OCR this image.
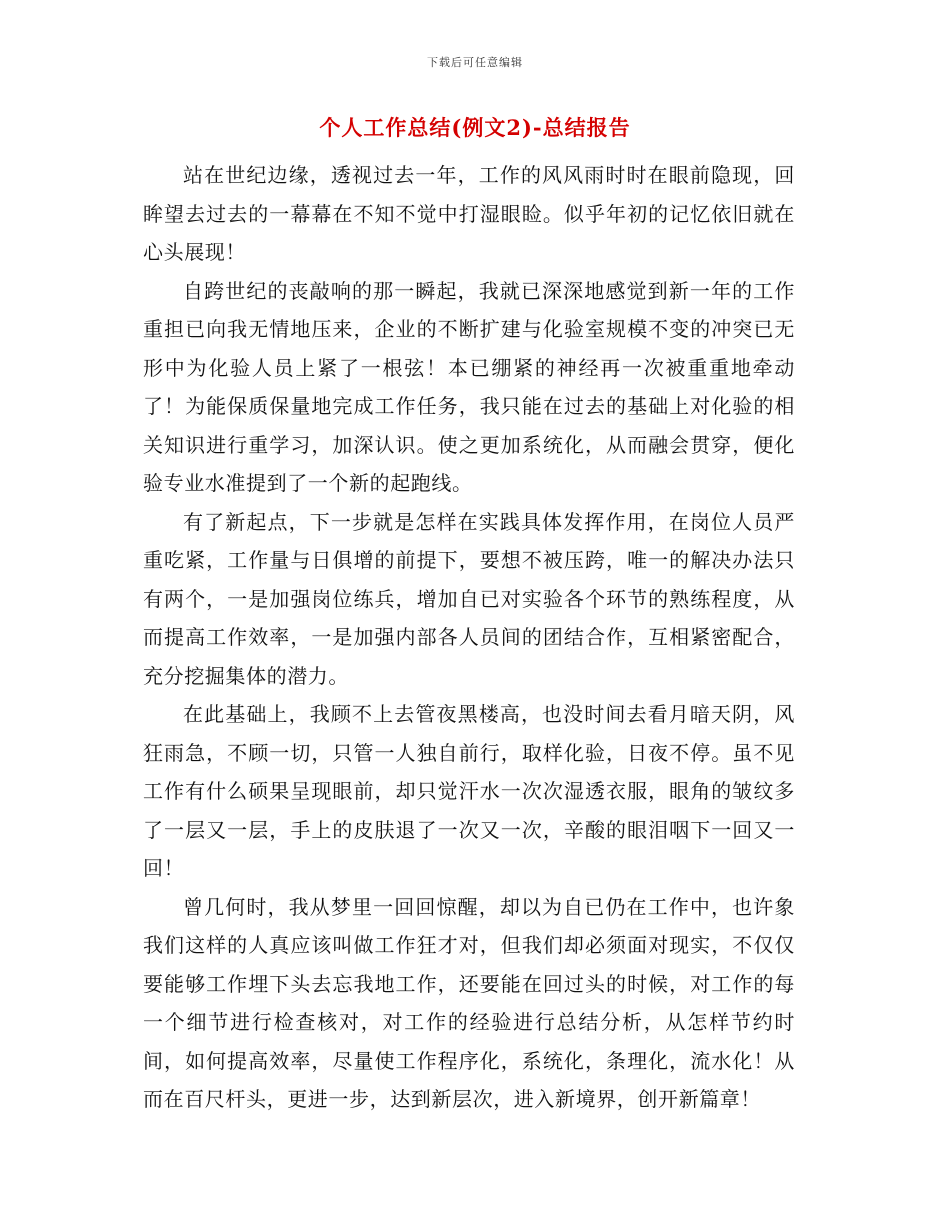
下载后可任意编辑
个人工作总结(例文2)-总结报告

站在世纪边缘，透视过去一年，工作的风风雨时时在眼前隐现，回眸望去过去的一幕幕在不知不觉中打湿眼睑。似乎年初的记忆依旧就在心头展现！

自跨世纪的丧敲响的那一瞬起，我就已深深地感觉到新一年的工作重担已向我无情地压来，企业的不断扩建与化验室规模不变的冲突已无形中为化验人员上紧了一根弦！本已绷紧的神经再一次被重重地牵动了！为能保质保量地完成工作任务，我只能在过去的基础上对化验的相关知识进行重学习，加深认识。使之更加系统化，从而融会贯穿，便化验专业水准提到了一个新的起跑线。

有了新起点，下一步就是怎样在实践具体发挥作用，在岗位人员严重吃紧，工作量与日俱增的前提下，要想不被压跨，唯一的解决办法只有两个，一是加强岗位练兵，增加自已对实验各个环节的熟练程度，从而提高工作效率，一是加强内部各人员间的团结合作，互相紧密配合，充分挖掘集体的潜力。

在此基础上，我顾不上去管夜黑楼高，也没时间去看月暗天阴，风狂雨急，不顾一切，只管一人独自前行，取样化验，日夜不停。虽不见工作有什么硕果呈现眼前，却只觉汗水一次次湿透衣服，眼角的皱纹多了一层又一层，手上的皮肤退了一次又一次，辛酸的眼泪咽下一回又一回！

曾几何时，我从梦里一回回惊醒，却以为自已仍在工作中，也许象我们这样的人真应该叫做工作狂才对，但我们却必须面对现实，不仅仅要能够工作埋下头去忘我地工作，还要能在回过头的时候，对工作的每一个细节进行检查核对，对工作的经验进行总结分析，从怎样节约时间，如何提高效率，尽量使工作程序化，系统化，条理化，流水化！从而在百尺杆头，更进一步，达到新层次，进入新境界，创开新篇章！
